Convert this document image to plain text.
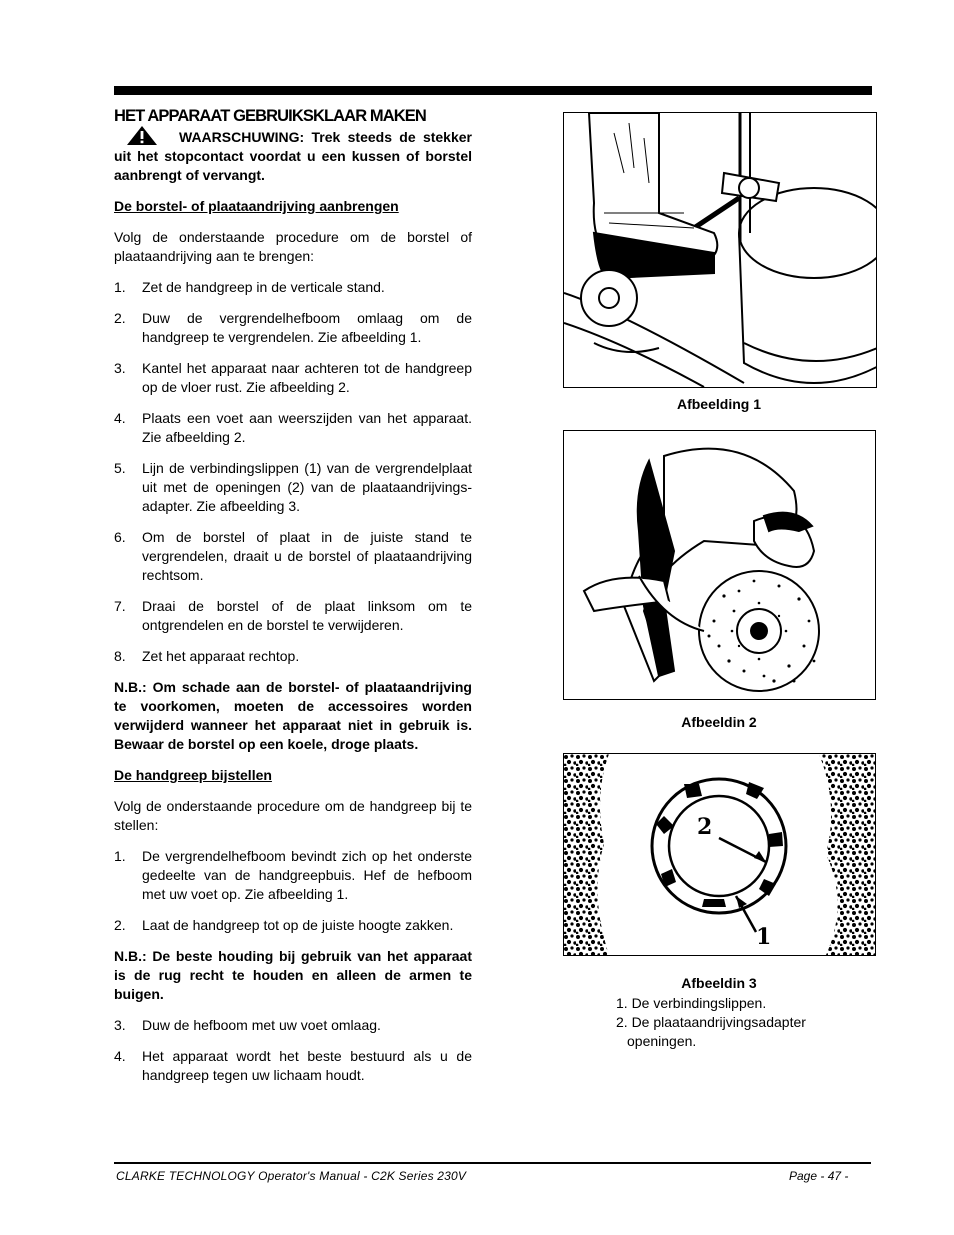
HET APPARAAT GEBRUIKSKLAAR MAKEN

WAARSCHUWING: Trek steeds de stekker uit het stopcontact voordat u een kussen of borstel aanbrengt of vervangt.

De borstel- of plaataandrijving aanbrengen

Volg de onderstaande procedure om de borstel of plaataandrijving aan te brengen:

1. Zet de handgreep in de verticale stand.
2. Duw de vergrendelhefboom omlaag om de handgreep te vergrendelen. Zie afbeelding 1.
3. Kantel het apparaat naar achteren tot de handgreep op de vloer rust. Zie afbeelding 2.
4. Plaats een voet aan weerszijden van het apparaat. Zie afbeelding 2.
5. Lijn de verbindingslippen (1) van de vergrendelplaat uit met de openingen (2) van de plaataandrijvings-adapter. Zie afbeelding 3.
6. Om de borstel of plaat in de juiste stand te vergrendelen, draait u de borstel of plaataandrijving rechtsom.
7. Draai de borstel of de plaat linksom om te ontgrendelen en de borstel te verwijderen.
8. Zet het apparaat rechtop.

N.B.: Om schade aan de borstel- of plaataandrijving te voorkomen, moeten de accessoires worden verwijderd wanneer het apparaat niet in gebruik is. Bewaar de borstel op een koele, droge plaats.

De handgreep bijstellen

Volg de onderstaande procedure om de handgreep bij te stellen:

1. De vergrendelhefboom bevindt zich op het onderste gedeelte van de handgreepbuis. Hef de hefboom met uw voet op. Zie afbeelding 1.
2. Laat de handgreep tot op de juiste hoogte zakken.

N.B.: De beste houding bij gebruik van het apparaat is de rug recht te houden en alleen de armen te buigen.

3. Duw de hefboom met uw voet omlaag.
4. Het apparaat wordt het beste bestuurd als u de handgreep tegen uw lichaam houdt.
Afbeelding 1
Afbeeldin 2
2
1
Afbeeldin 3
1. De verbindingslippen.
2. De plaataandrijvingsadapter
openingen.
CLARKE TECHNOLOGY Operator's Manual - C2K Series 230V	Page - 47 -
